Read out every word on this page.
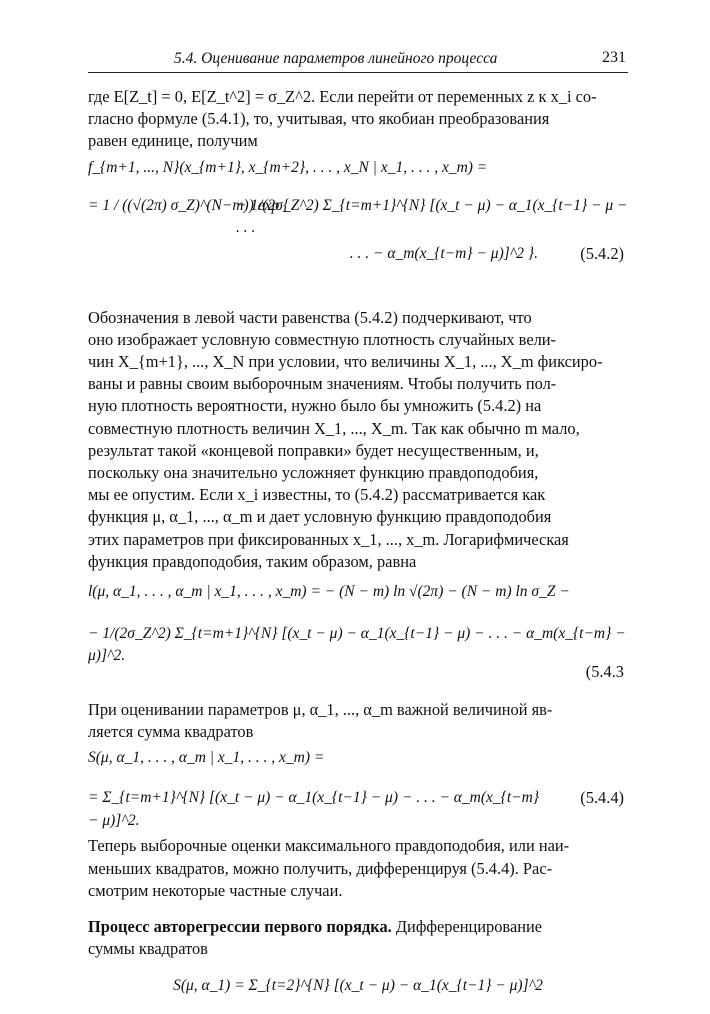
5.4. Оценивание параметров линейного процесса	231

где E[Z_t] = 0, E[Z_t^2] = σ_Z^2. Если перейти от переменных z к x_i со-
гласно формуле (5.4.1), то, учитывая, что якобиан преобразования
равен единице, получим

f_{m+1, ..., N}(x_{m+1}, x_{m+2}, . . . , x_N | x_1, . . . , x_m) =
= 1 / ((√(2π) σ_Z)^(N−m)) exp {
− 1/(2σ_Z^2) Σ_{t=m+1}^{N} [(x_t − μ) − α_1(x_{t−1} − μ − . . .
. . . − α_m(x_{t−m} − μ)]^2 }.	(5.4.2)

Обозначения в левой части равенства (5.4.2) подчеркивают, что
оно изображает условную совместную плотность случайных вели-
чин X_{m+1}, ..., X_N при условии, что величины X_1, ..., X_m фиксиро-
ваны и равны своим выборочным значениям. Чтобы получить пол-
ную плотность вероятности, нужно было бы умножить (5.4.2) на
совместную плотность величин X_1, ..., X_m. Так как обычно m мало,
результат такой «концевой поправки» будет несущественным, и,
поскольку она значительно усложняет функцию правдоподобия,
мы ее опустим. Если x_i известны, то (5.4.2) рассматривается как
функция μ, α_1, ..., α_m и дает условную функцию правдоподобия
этих параметров при фиксированных x_1, ..., x_m. Логарифмическая
функция правдоподобия, таким образом, равна

l(μ, α_1, . . . , α_m | x_1, . . . , x_m) = − (N − m) ln √(2π) − (N − m) ln σ_Z −
− 1/(2σ_Z^2) Σ_{t=m+1}^{N} [(x_t − μ) − α_1(x_{t−1} − μ) − . . . − α_m(x_{t−m} − μ)]^2.
(5.4.3

При оценивании параметров μ, α_1, ..., α_m важной величиной яв-
ляется сумма квадратов

S(μ, α_1, . . . , α_m | x_1, . . . , x_m) =
= Σ_{t=m+1}^{N} [(x_t − μ) − α_1(x_{t−1} − μ) − . . . − α_m(x_{t−m} − μ)]^2.
(5.4.4)

Теперь выборочные оценки максимального правдоподобия, или наи-
меньших квадратов, можно получить, дифференцируя (5.4.4). Рас-
смотрим некоторые частные случаи.

Процесс авторегрессии первого порядка. Дифференцирование
суммы квадратов

S(μ, α_1) = Σ_{t=2}^{N} [(x_t − μ) − α_1(x_{t−1} − μ)]^2
